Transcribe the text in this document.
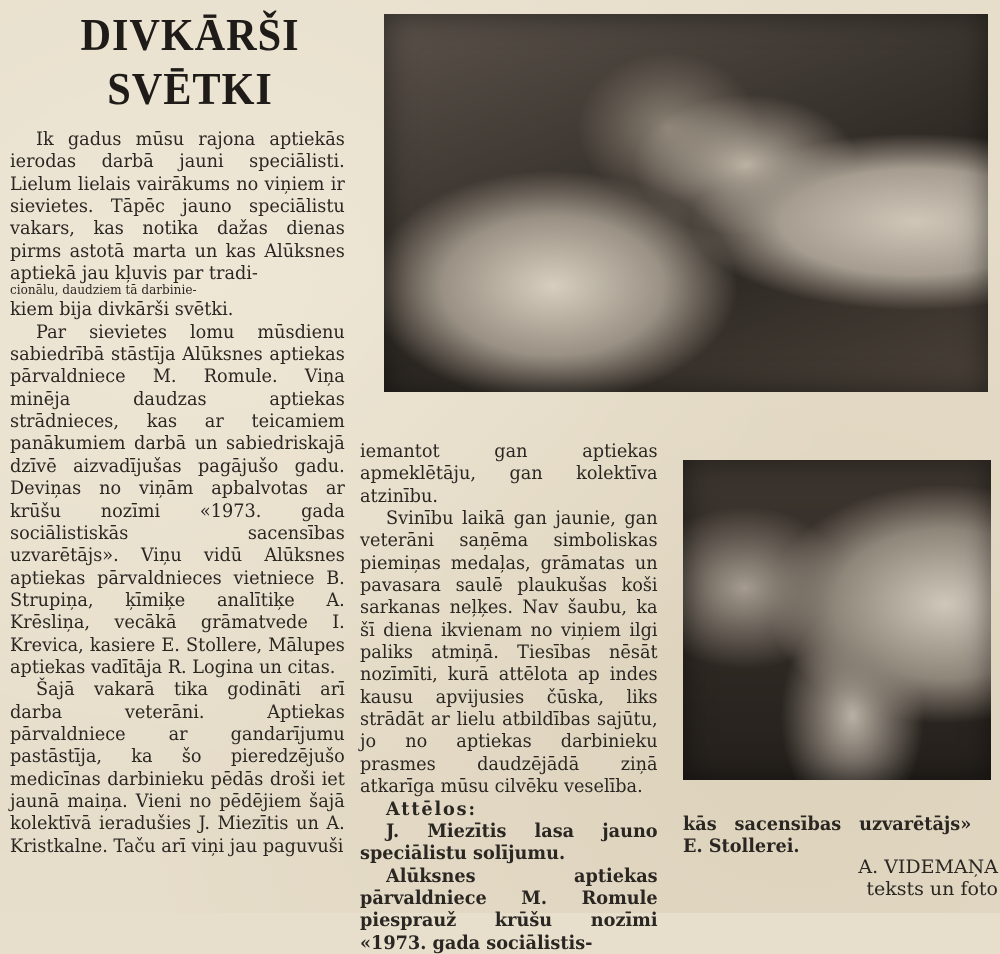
DIVKĀRŠI
SVĒTKI

Ik gadus mūsu rajona aptiekās ierodas darbā jauni speciālisti. Lielum lielais vairākums no viņiem ir sievietes. Tāpēc jauno speciālistu vakars, kas notika dažas dienas pirms astotā marta un kas Alūksnes aptiekā jau kļuvis par tradi-

cionālu, daudziem tā darbinie-

kiem bija divkārši svētki.

Par sievietes lomu mūsdienu sabiedrībā stāstīja Alūksnes aptiekas pārvaldniece M. Romule. Viņa minēja daudzas aptiekas strādnieces, kas ar teicamiem panākumiem darbā un sabiedriskajā dzīvē aizvadījušas pagājušo gadu. Deviņas no viņām apbalvotas ar krūšu nozīmi «1973. gada sociālistiskās sacensības uzvarētājs». Viņu vidū Alūksnes aptiekas pārvaldnieces vietniece B. Strupiņa, ķīmiķe analītiķe A. Krēsliņa, vecākā grāmatvede I. Krevica, kasiere E. Stollere, Mālupes aptiekas vadītāja R. Logina un citas.

Šajā vakarā tika godināti arī darba veterāni. Aptiekas pārvaldniece ar gandarījumu pastāstīja, ka šo pieredzējušo medicīnas darbinieku pēdās droši iet jaunā maiņa. Vieni no pēdējiem šajā kolektīvā ieradušies J. Miezītis un A. Kristkalne. Taču arī viņi jau paguvuši

iemantot gan aptiekas apmeklētāju, gan kolektīva atzinību.

Svinību laikā gan jaunie, gan veterāni saņēma simboliskas piemiņas medaļas, grāmatas un pavasara saulē plaukušas koši sarkanas neļķes. Nav šaubu, ka šī diena ikvienam no viņiem ilgi paliks atmiņā. Tiesības nēsāt nozīmīti, kurā attēlota ap indes kausu apvijusies čūska, liks strādāt ar lielu atbildības sajūtu, jo no aptiekas darbinieku prasmes daudzējādā ziņā atkarīga mūsu cilvēku veselība.

Attēlos:

J. Miezītis lasa jauno speciālistu solījumu.

Alūksnes aptiekas pārvaldniece M. Romule piesprauž krūšu nozīmi «1973. gada sociālistis-

kās sacensības uzvarētājs» E. Stollerei.
A. VIDEMAŅA
teksts un foto
